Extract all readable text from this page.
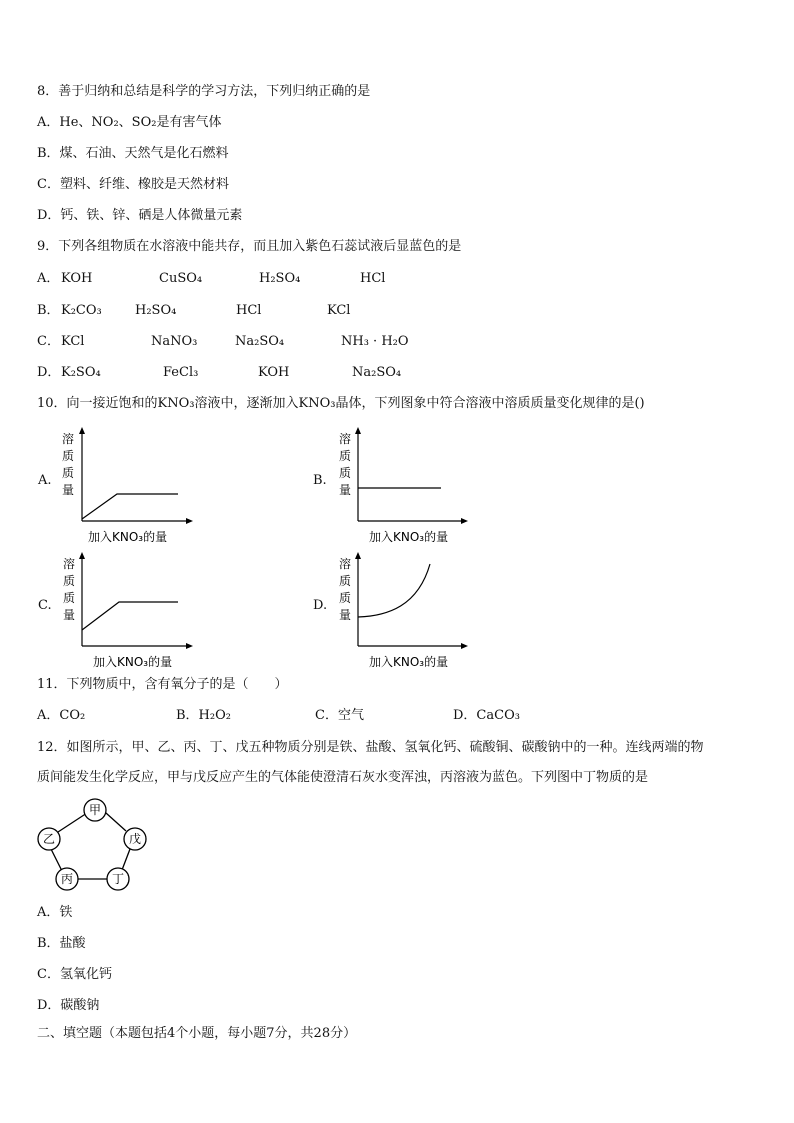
8．善于归纳和总结是科学的学习方法，下列归纳正确的是
A．He、NO₂、SO₂是有害气体
B．煤、石油、天然气是化石燃料
C．塑料、纤维、橡胶是天然材料
D．钙、铁、锌、硒是人体微量元素
9．下列各组物质在水溶液中能共存，而且加入紫色石蕊试液后显蓝色的是
A． KOH	CuSO₄	H₂SO₄	HCl
B． K₂CO₃	H₂SO₄	HCl	KCl
C． KCl	NaNO₃	Na₂SO₄	NH₃ · H₂O
D． K₂SO₄	FeCl₃	KOH	Na₂SO₄
10．向一接近饱和的KNO₃溶液中，逐渐加入KNO₃晶体，下列图象中符合溶液中溶质质量变化规律的是()
A.
溶
质
质
量
加入KNO₃的量
B.
溶
质
质
量
加入KNO₃的量
C.
溶
质
质
量
加入KNO₃的量
D.
溶
质
质
量
加入KNO₃的量
11．下列物质中，含有氧分子的是（　　）
A．CO₂	B．H₂O₂	C．空气	D．CaCO₃
12．如图所示，甲、乙、丙、丁、戊五种物质分别是铁、盐酸、氢氧化钙、硫酸铜、碳酸钠中的一种。连线两端的物
质间能发生化学反应，甲与戊反应产生的气体能使澄清石灰水变浑浊，丙溶液为蓝色。下列图中丁物质的是
甲
乙	戊
丙	丁
A．铁
B．盐酸
C．氢氧化钙
D．碳酸钠
二、填空题（本题包括4个小题，每小题7分，共28分）
